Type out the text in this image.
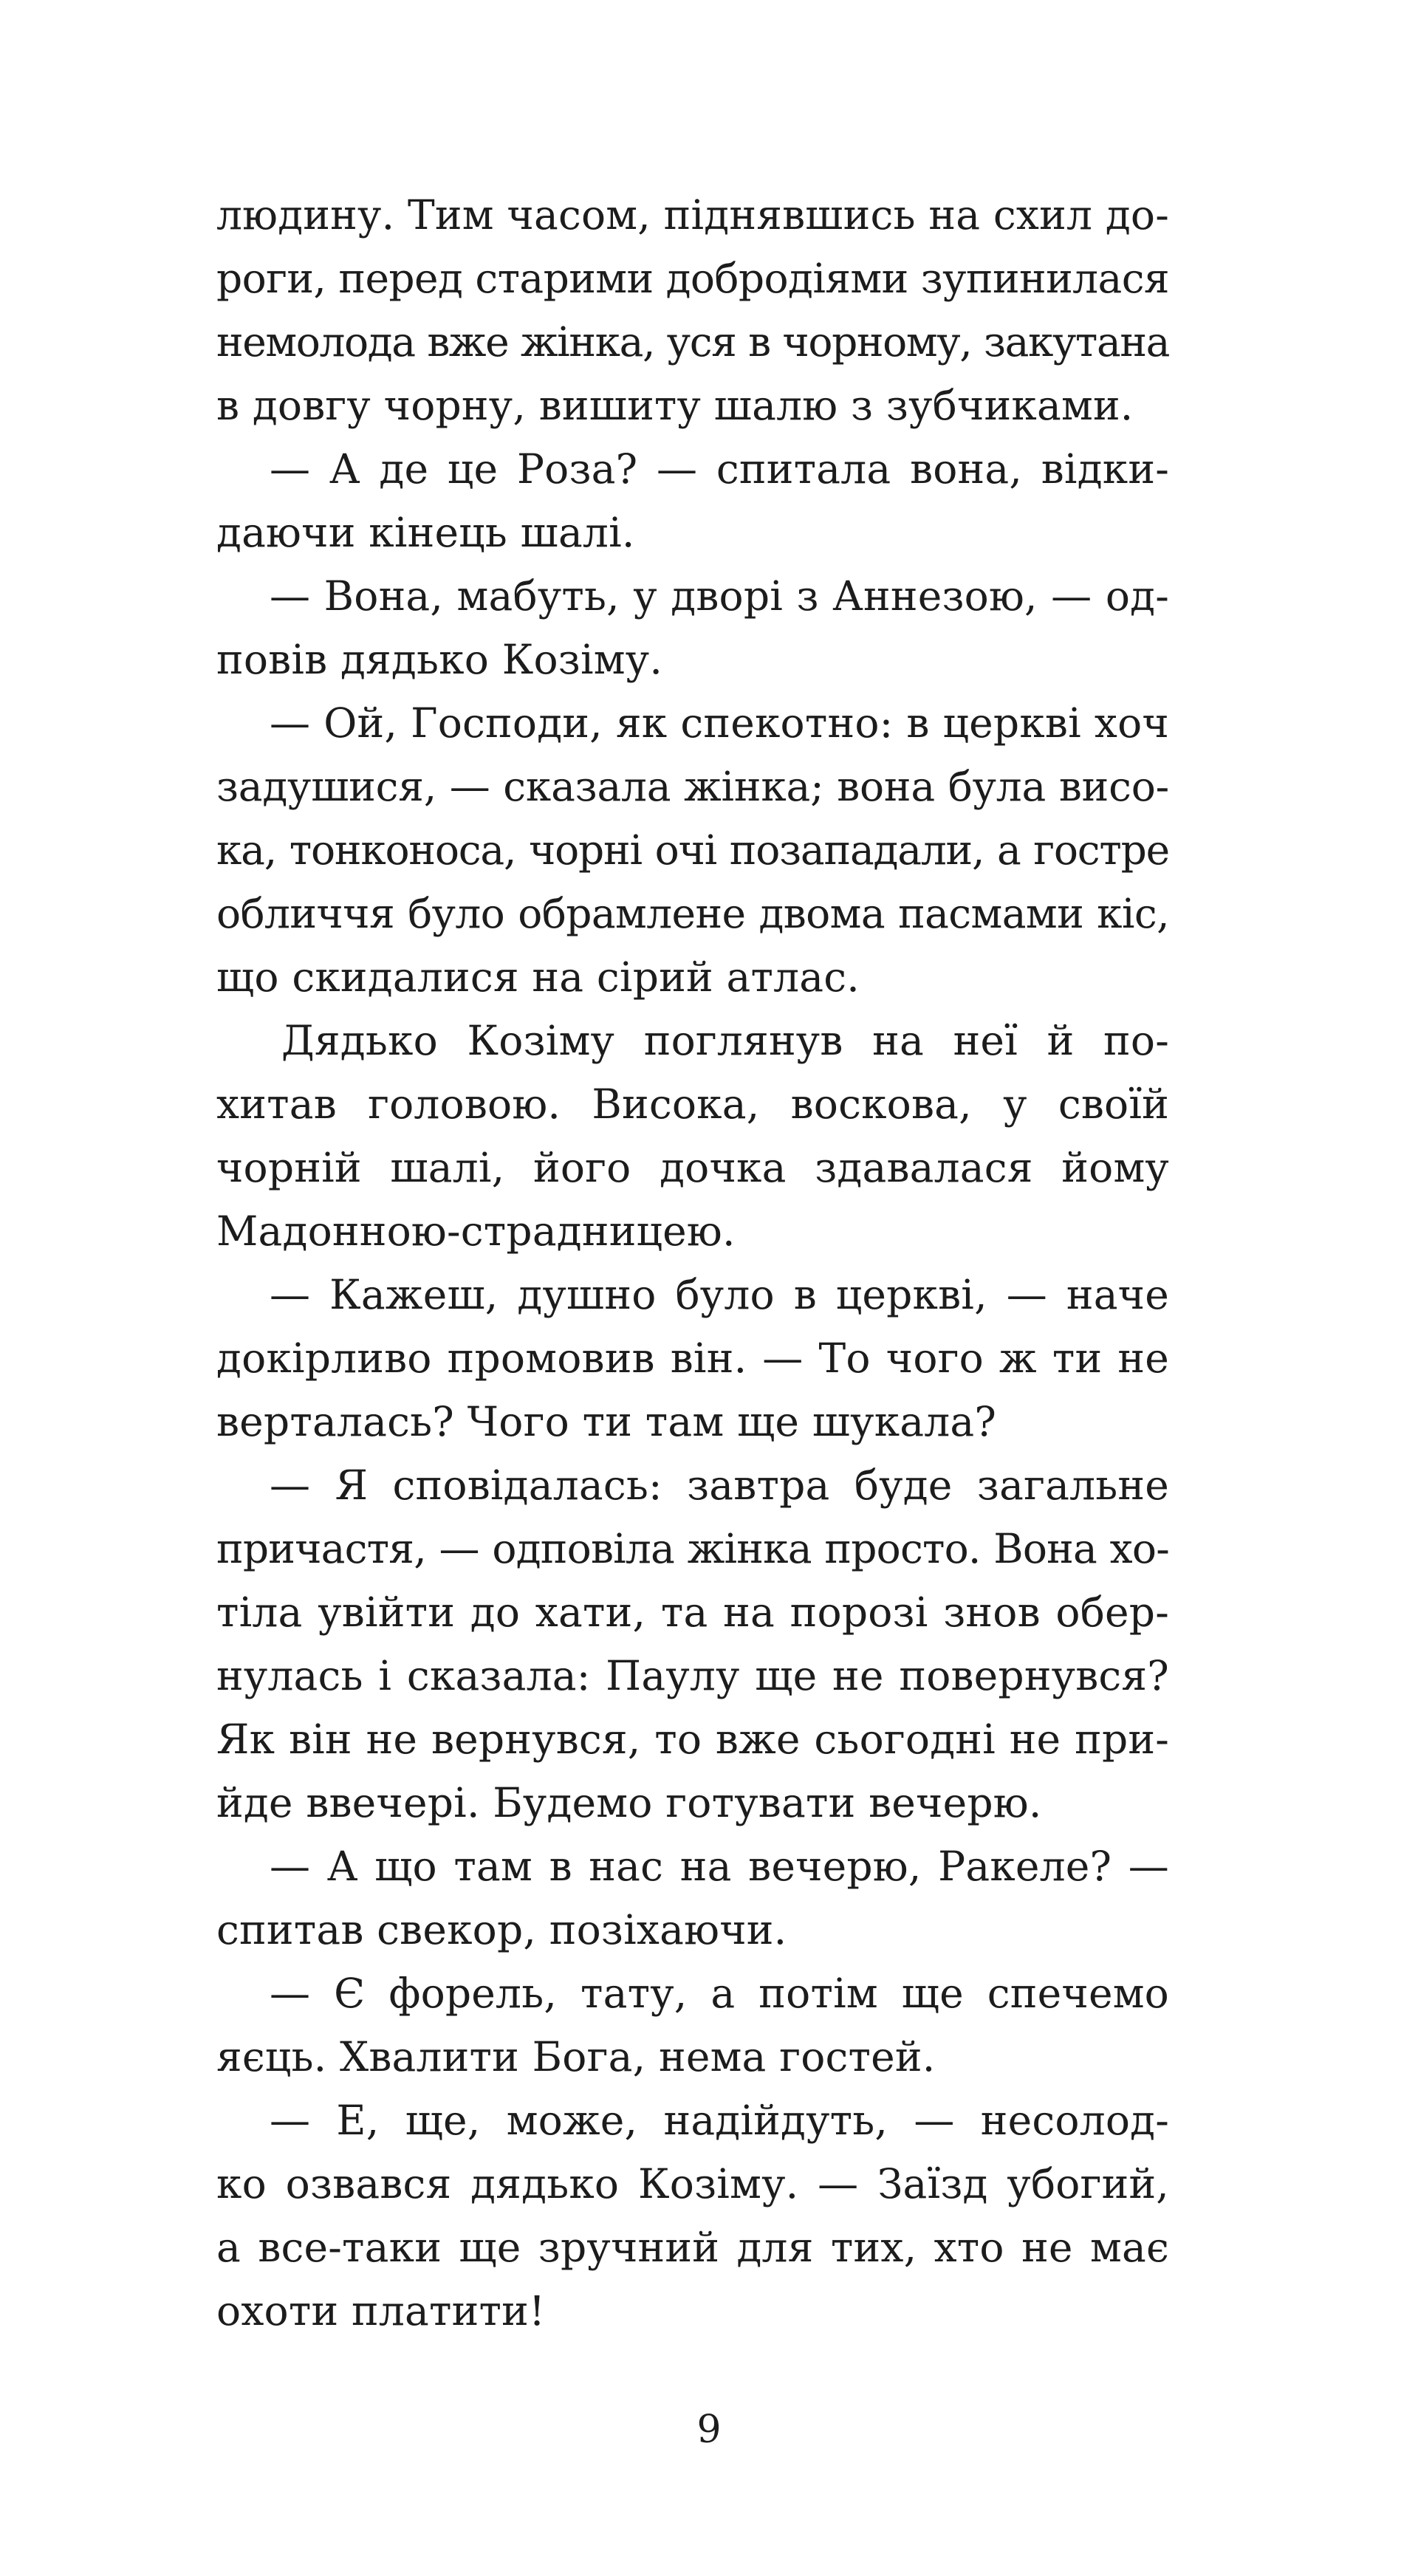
людину. Тим часом, піднявшись на схил до-
роги, перед старими добродіями зупинилася
немолода вже жінка, уся в чорному, закутана
в довгу чорну, вишиту шалю з зубчиками.
— А де це Роза? — спитала вона, відки-
даючи кінець шалі.
— Вона, мабуть, у дворі з Аннезою, — од-
повів дядько Козіму.
— Ой, Господи, як спекотно: в церкві хоч
задушися, — сказала жінка; вона була висо-
ка, тонконоса, чорні очі позападали, а гостре
обличчя було обрамлене двома пасмами кіс,
що скидалися на сірий атлас.
Дядько Козіму поглянув на неї й по-
хитав головою. Висока, воскова, у своїй
чорній шалі, його дочка здавалася йому
Мадонною-страдницею.
— Кажеш, душно було в церкві, — наче
докірливо промовив він. — То чого ж ти не
верталась? Чого ти там ще шукала?
— Я сповідалась: завтра буде загальне
причастя, — одповіла жінка просто. Вона хо-
тіла увійти до хати, та на порозі знов обер-
нулась і сказала: Паулу ще не повернувся?
Як він не вернувся, то вже сьогодні не при-
йде ввечері. Будемо готувати вечерю.
— А що там в нас на вечерю, Ракеле? —
спитав свекор, позіхаючи.
— Є форель, тату, а потім ще спечемо
яєць. Хвалити Бога, нема гостей.
— Е, ще, може, надійдуть, — несолод-
ко озвався дядько Козіму. — Заїзд убогий,
а все-таки ще зручний для тих, хто не має
охоти платити!
9
